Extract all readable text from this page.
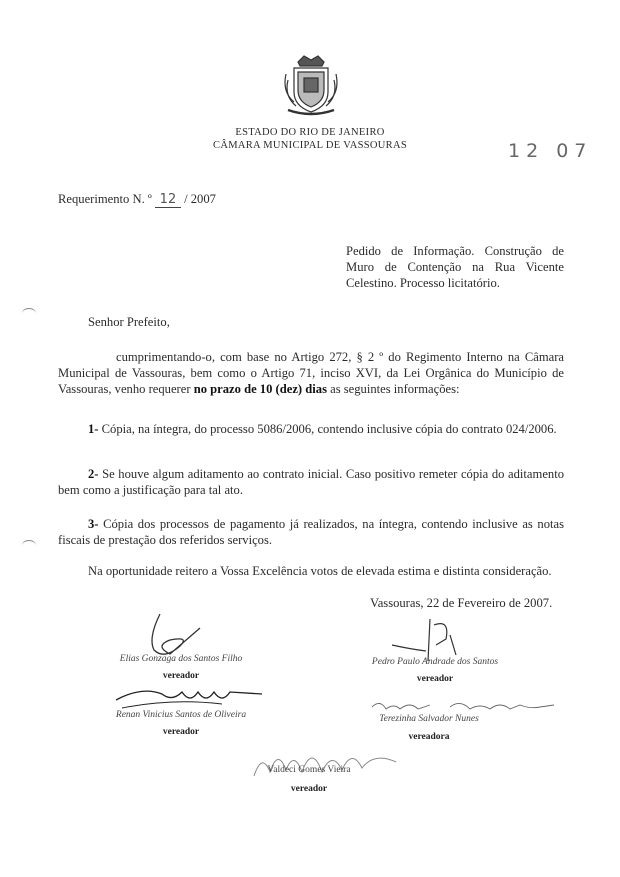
ESTADO DO RIO DE JANEIRO
CÂMARA MUNICIPAL DE VASSOURAS	12 07
Requerimento N. º 12 / 2007
Pedido de Informação. Construção de Muro de Contenção na Rua Vicente Celestino. Processo licitatório.
Senhor Prefeito,
cumprimentando-o, com base no Artigo 272, § 2 º do Regimento Interno na Câmara Municipal de Vassouras, bem como o Artigo 71, inciso XVI, da Lei Orgânica do Município de Vassouras, venho requerer no prazo de 10 (dez) dias as seguintes informações:
1- Cópia, na íntegra, do processo 5086/2006, contendo inclusive cópia do contrato 024/2006.
2- Se houve algum aditamento ao contrato inicial. Caso positivo remeter cópia do aditamento bem como a justificação para tal ato.
3- Cópia dos processos de pagamento já realizados, na íntegra, contendo inclusive as notas fiscais de prestação dos referidos serviços.
Na oportunidade reitero a Vossa Excelência votos de elevada estima e distinta consideração.
Vassouras, 22 de Fevereiro de 2007.
Elias Gonzaga dos Santos Filho
vereador
Pedro Paulo Andrade dos Santos
vereador
Renan Vinicius Santos de Oliveira
vereador
Terezinha Salvador Nunes
vereadora
Valdeci Gomes Vieira
vereador
